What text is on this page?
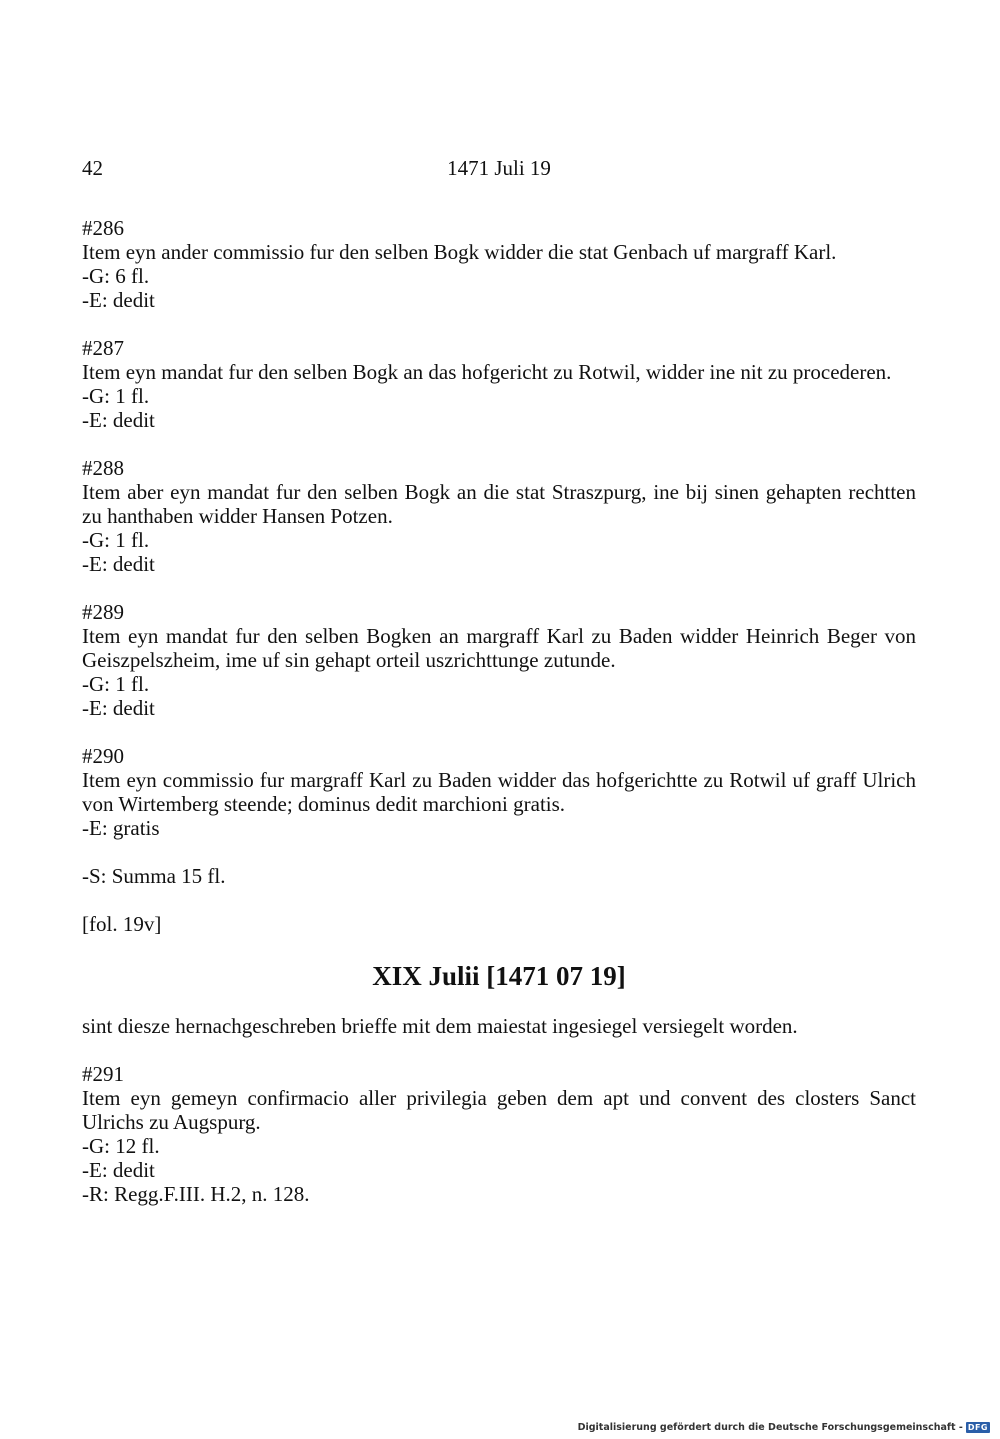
42	1471 Juli 19
#286
Item eyn ander commissio fur den selben Bogk widder die stat Genbach uf margraff Karl.
-G: 6 fl.
-E: dedit
#287
Item eyn mandat fur den selben Bogk an das hofgericht zu Rotwil, widder ine nit zu procederen.
-G: 1 fl.
-E: dedit
#288
Item aber eyn mandat fur den selben Bogk an die stat Straszpurg, ine bij sinen gehapten rechtten zu hanthaben widder Hansen Potzen.
-G: 1 fl.
-E: dedit
#289
Item eyn mandat fur den selben Bogken an margraff Karl zu Baden widder Heinrich Beger von Geiszpelszheim, ime uf sin gehapt orteil uszrichttunge zutunde.
-G: 1 fl.
-E: dedit
#290
Item eyn commissio fur margraff Karl zu Baden widder das hofgerichtte zu Rotwil uf graff Ulrich von Wirtemberg steende; dominus dedit marchioni gratis.
-E: gratis
-S: Summa 15 fl.
[fol. 19v]
XIX Julii [1471 07 19]
sint diesze hernachgeschreben brieffe mit dem maiestat ingesiegel versiegelt worden.
#291
Item eyn gemeyn confirmacio aller privilegia geben dem apt und convent des closters Sanct Ulrichs zu Augspurg.
-G: 12 fl.
-E: dedit
-R: Regg.F.III. H.2, n. 128.
Digitalisierung gefördert durch die Deutsche Forschungsgemeinschaft - DFG
